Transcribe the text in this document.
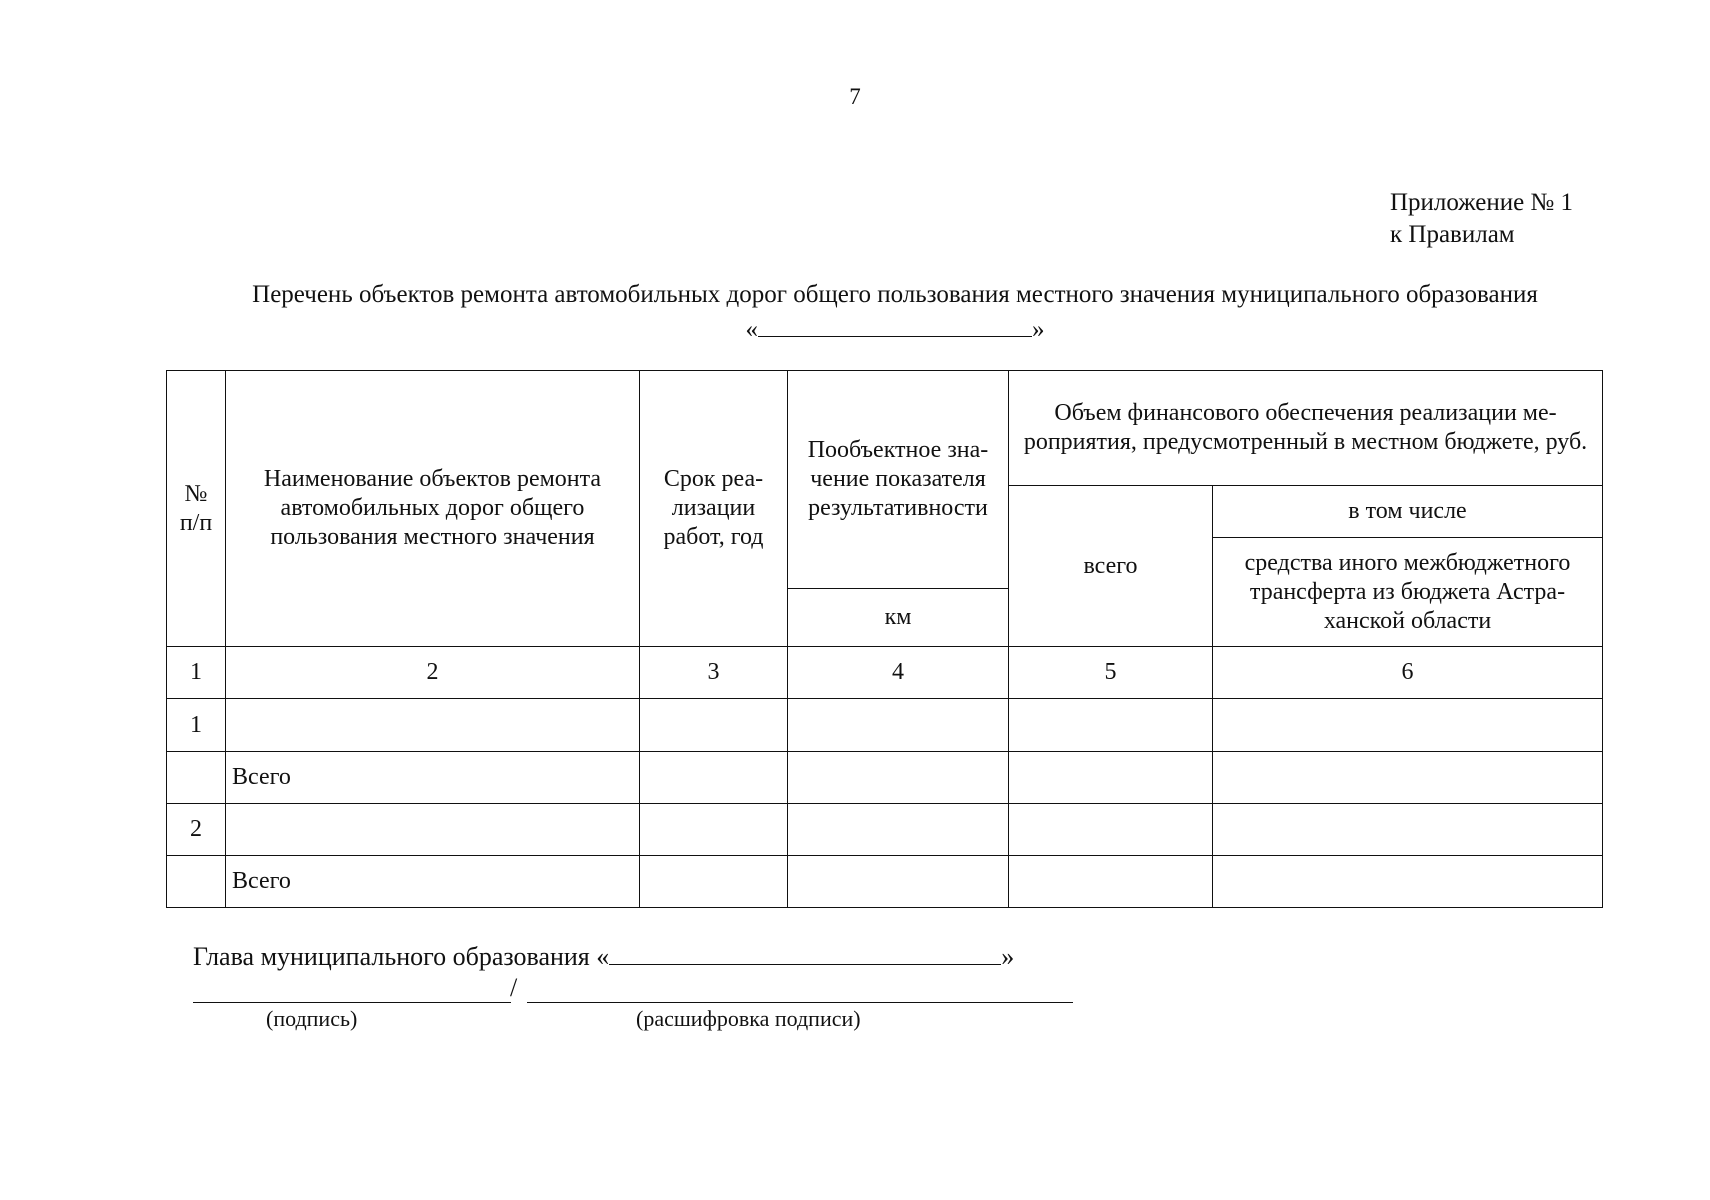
7
Приложение № 1
к Правилам
Перечень объектов ремонта автомобильных дорог общего пользования местного значения муниципального образования
«	»
№ п/п	Наименование объектов ремонта автомобильных дорог общего пользования местного значения	Срок реа-лизации работ, год	Пообъектное зна-чение показателя результативности	Объем финансового обеспечения реализации ме-роприятия, предусмотренный в местном бюджете, руб.	
				всего	в том числе
					средства иного межбюджетного трансферта из бюджета Астра-ханской области
			км		
1	2	3	4	5	6
1					
	Всего				
2					
	Всего				
Глава муниципального образования «	»
/
(подпись)	(расшифровка подписи)
